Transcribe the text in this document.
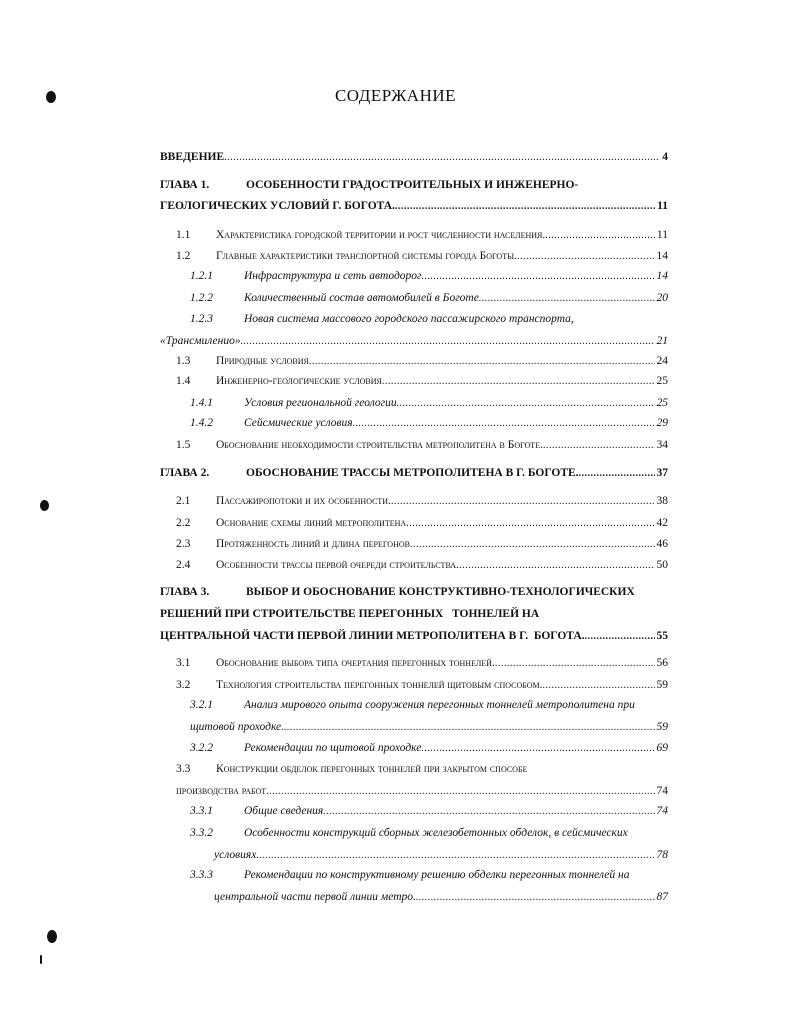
СОДЕРЖАНИЕ
ВВЕДЕНИЕ .....	4
ГЛАВА 1.	ОСОБЕННОСТИ ГРАДОСТРОИТЕЛЬНЫХ И ИНЖЕНЕРНО-
ГЕОЛОГИЧЕСКИХ УСЛОВИЙ Г. БОГОТА. .....	11
1.1 Характеристика городской территории и рост численности населения. .....	11
1.2 Главные характеристики транспортной системы города Боготы. .....	14
1.2.1	Инфраструктура и сеть автодорог .....	14
1.2.2	Количественный состав автомобилей в Боготе .....	20
1.2.3	Новая система массового городского пассажирского транспорта,
«Трансмиленио» .....	21
1.3 Природные условия .....	24
1.4 Инженерно-геологические условия .....	25
1.4.1	Условия региональной геологии .....	25
1.4.2	Сейсмические условия .....	29
1.5 Обоснование необходимости строительства метрополитена в Боготе. .....	34
ГЛАВА 2.	ОБОСНОВАНИЕ ТРАССЫ МЕТРОПОЛИТЕНА В Г. БОГОТЕ. .....	37
2.1 Пассажиропотоки и их особенности. .....	38
2.2 Основание схемы линий метрополитена .....	42
2.3 Протяженность линий и длина перегонов .....	46
2.4 Особенности трассы первой очереди строительства .....	50
ГЛАВА 3.	ВЫБОР И ОБОСНОВАНИЕ КОНСТРУКТИВНО-ТЕХНОЛОГИЧЕСКИХ
РЕШЕНИЙ ПРИ СТРОИТЕЛЬСТВЕ ПЕРЕГОННЫХ   ТОННЕЛЕЙ НА
ЦЕНТРАЛЬНОЙ ЧАСТИ ПЕРВОЙ ЛИНИИ МЕТРОПОЛИТЕНА В Г.  БОГОТА. .....	55
3.1 Обоснование выбора типа очертания перегонных тоннелей. .....	56
3.2 Технология строительства перегонных тоннелей щитовым способом. .....	59
3.2.1	Анализ мирового опыта сооружения перегонных тоннелей метрополитена при
щитовой проходке. .....	59
3.2.2	Рекомендации по щитовой проходке .....	69
3.3 Конструкции обделок перегонных тоннелей при закрытом способе
производства работ. .....	74
3.3.1	Общие сведения .....	74
3.3.2	Особенности конструкций сборных железобетонных обделок, в сейсмических
условиях. .....	78
3.3.3	Рекомендации по конструктивному решению обделки перегонных тоннелей на
центральной части первой линии метро. .....	87
